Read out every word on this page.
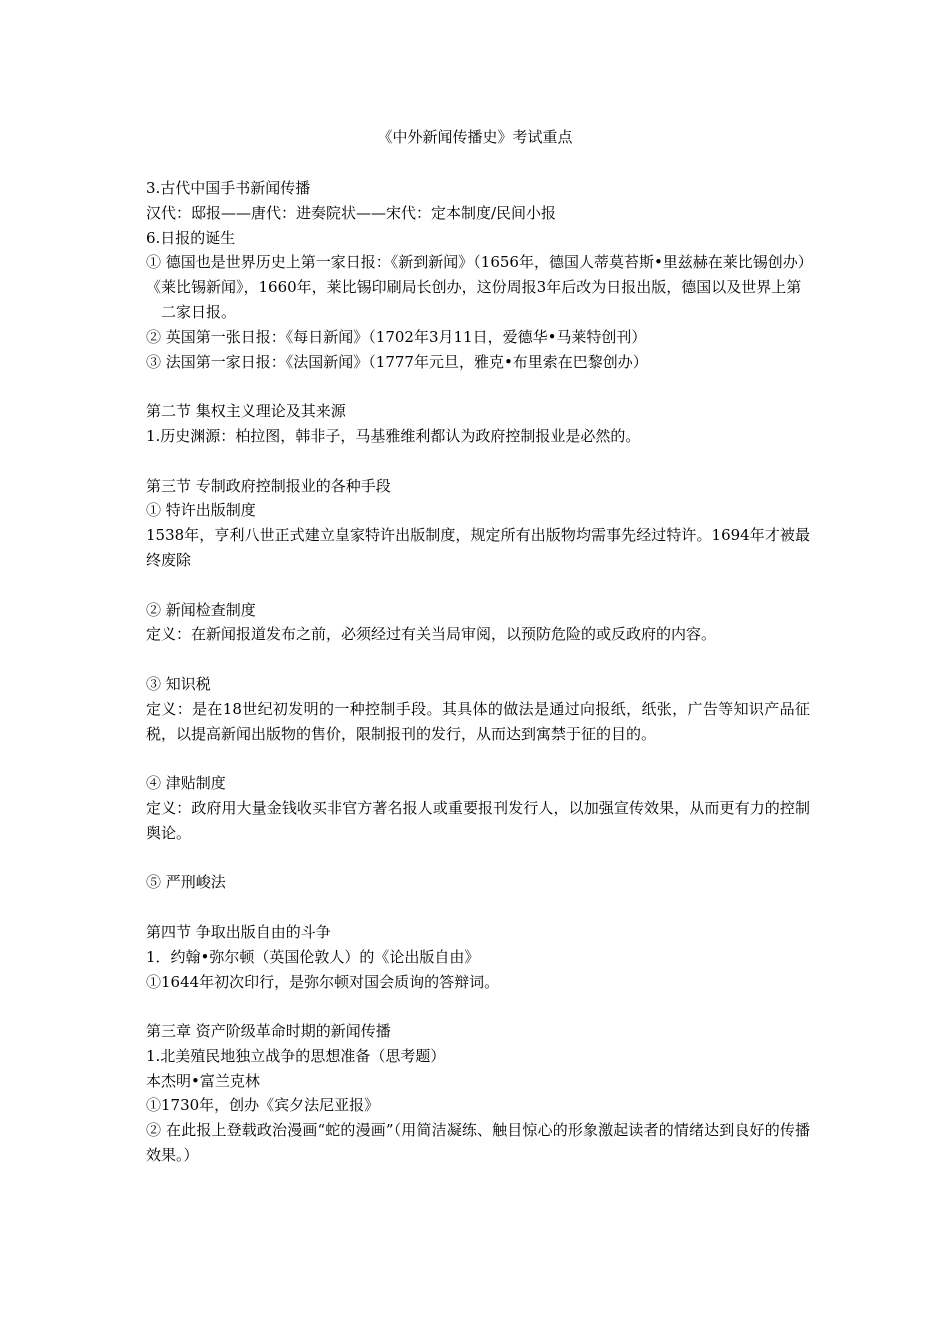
《中外新闻传播史》考试重点
3.古代中国手书新闻传播
汉代：邸报——唐代：进奏院状——宋代：定本制度/民间小报
6.日报的诞生
① 德国也是世界历史上第一家日报：《新到新闻》（1656年，德国人蒂莫苔斯•里兹赫在莱比锡创办）
《莱比锡新闻》，1660年，莱比锡印刷局长创办，这份周报3年后改为日报出版，德国以及世界上第二家日报。
② 英国第一张日报：《每日新闻》（1702年3月11日，爱德华•马莱特创刊）
③ 法国第一家日报：《法国新闻》（1777年元旦，雅克•布里索在巴黎创办）
第二节 集权主义理论及其来源
1.历史渊源：柏拉图，韩非子，马基雅维利都认为政府控制报业是必然的。
第三节 专制政府控制报业的各种手段
① 特许出版制度
1538年，亨利八世正式建立皇家特许出版制度，规定所有出版物均需事先经过特许。1694年才被最终废除
② 新闻检查制度
定义：在新闻报道发布之前，必须经过有关当局审阅，以预防危险的或反政府的内容。
③ 知识税
定义：是在18世纪初发明的一种控制手段。其具体的做法是通过向报纸，纸张，广告等知识产品征税，以提高新闻出版物的售价，限制报刊的发行，从而达到寓禁于征的目的。
④ 津贴制度
定义：政府用大量金钱收买非官方著名报人或重要报刊发行人，以加强宣传效果，从而更有力的控制舆论。
⑤ 严刑峻法
第四节 争取出版自由的斗争
1．约翰•弥尔顿（英国伦敦人）的《论出版自由》
①1644年初次印行，是弥尔顿对国会质询的答辩词。
第三章 资产阶级革命时期的新闻传播
1.北美殖民地独立战争的思想准备（思考题）
本杰明•富兰克林
①1730年，创办《宾夕法尼亚报》
② 在此报上登载政治漫画“蛇的漫画”（用简洁凝练、触目惊心的形象激起读者的情绪达到良好的传播效果。）
